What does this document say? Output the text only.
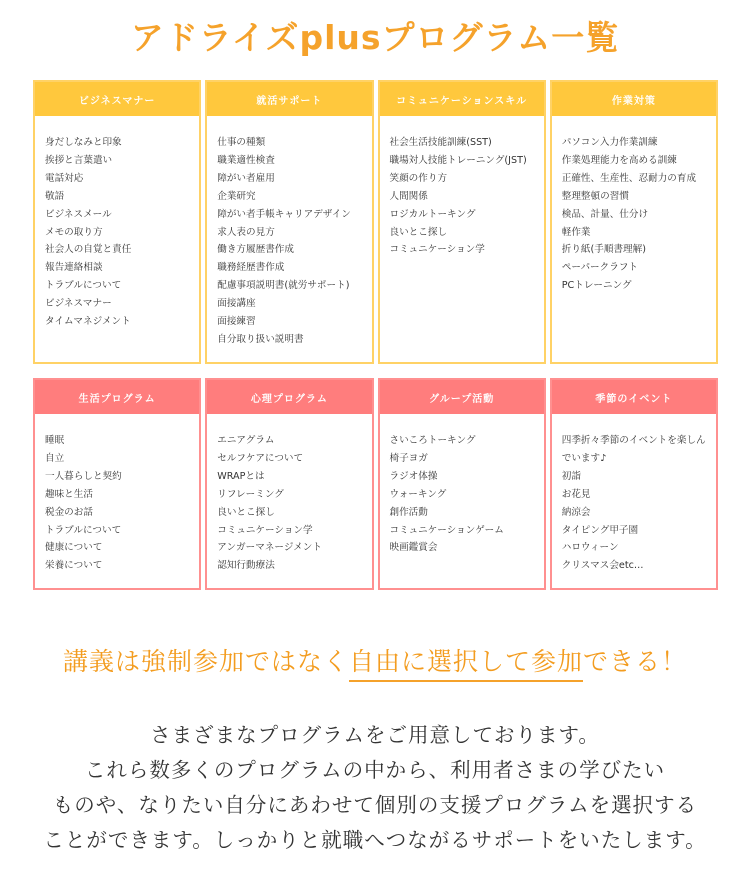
アドライズplusプログラム一覧
ビジネスマナー
身だしなみと印象
挨拶と言葉遣い
電話対応
敬語
ビジネスメール
メモの取り方
社会人の自覚と責任
報告連絡相談
トラブルについて
ビジネスマナー
タイムマネジメント
就活サポート
仕事の種類
職業適性検査
障がい者雇用
企業研究
障がい者手帳キャリアデザイン
求人表の見方
働き方履歴書作成
職務経歴書作成
配慮事項説明書(就労サポート)
面接講座
面接練習
自分取り扱い説明書
コミュニケーションスキル
社会生活技能訓練(SST)
職場対人技能トレーニング(JST)
笑顔の作り方
人間関係
ロジカルトーキング
良いとこ探し
コミュニケーション学
作業対策
パソコン入力作業訓練
作業処理能力を高める訓練
正確性、生産性、忍耐力の育成
整理整頓の習慣
検品、計量、仕分け
軽作業
折り紙(手順書理解)
ペーパークラフト
PCトレーニング
生活プログラム
睡眠
自立
一人暮らしと契約
趣味と生活
税金のお話
トラブルについて
健康について
栄養について
心理プログラム
エニアグラム
セルフケアについて
WRAPとは
リフレーミング
良いとこ探し
コミュニケーション学
アンガーマネージメント
認知行動療法
グループ活動
さいころトーキング
椅子ヨガ
ラジオ体操
ウォーキング
創作活動
コミュニケーションゲーム
映画鑑賞会
季節のイベント
四季折々季節のイベントを楽しん
でいます♪
初詣
お花見
納涼会
タイピング甲子園
ハロウィーン
クリスマス会etc…
講義は強制参加ではなく自由に選択して参加できる！
さまざまなプログラムをご用意しております。
これら数多くのプログラムの中から、利用者さまの学びたい
ものや、なりたい自分にあわせて個別の支援プログラムを選択する
ことができます。しっかりと就職へつながるサポートをいたします。
